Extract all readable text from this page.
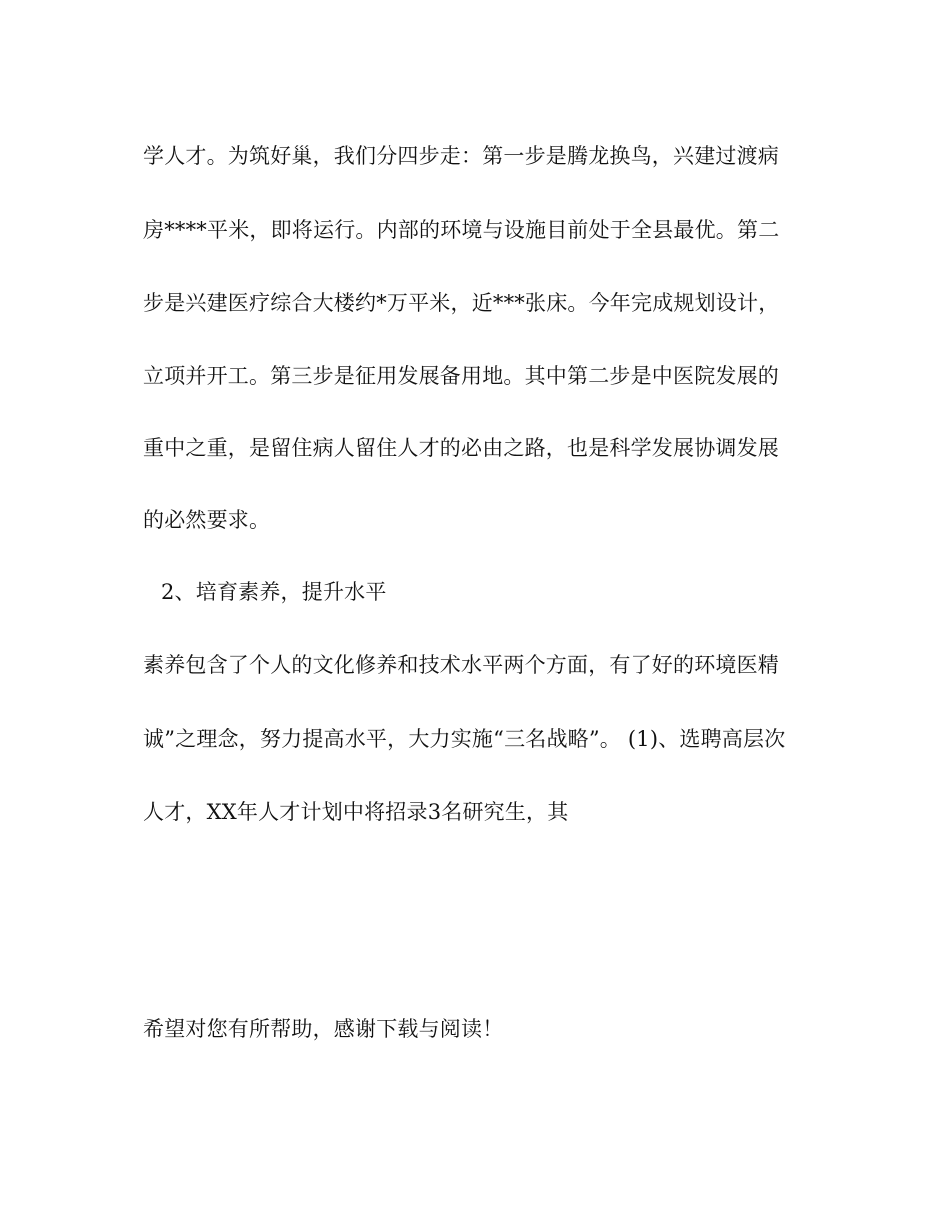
学人才。为筑好巢，我们分四步走：第一步是腾龙换鸟，兴建过渡病
房****平米，即将运行。内部的环境与设施目前处于全县最优。第二
步是兴建医疗综合大楼约*万平米，近***张床。今年完成规划设计，
立项并开工。第三步是征用发展备用地。其中第二步是中医院发展的
重中之重，是留住病人留住人才的必由之路，也是科学发展协调发展
的必然要求。
2、培育素养，提升水平
素养包含了个人的文化修养和技术水平两个方面，有了好的环境医精
诚”之理念，努力提高水平，大力实施“三名战略”。 (1)、选聘高层次
人才，XX年人才计划中将招录3名研究生，其
希望对您有所帮助，感谢下载与阅读！
